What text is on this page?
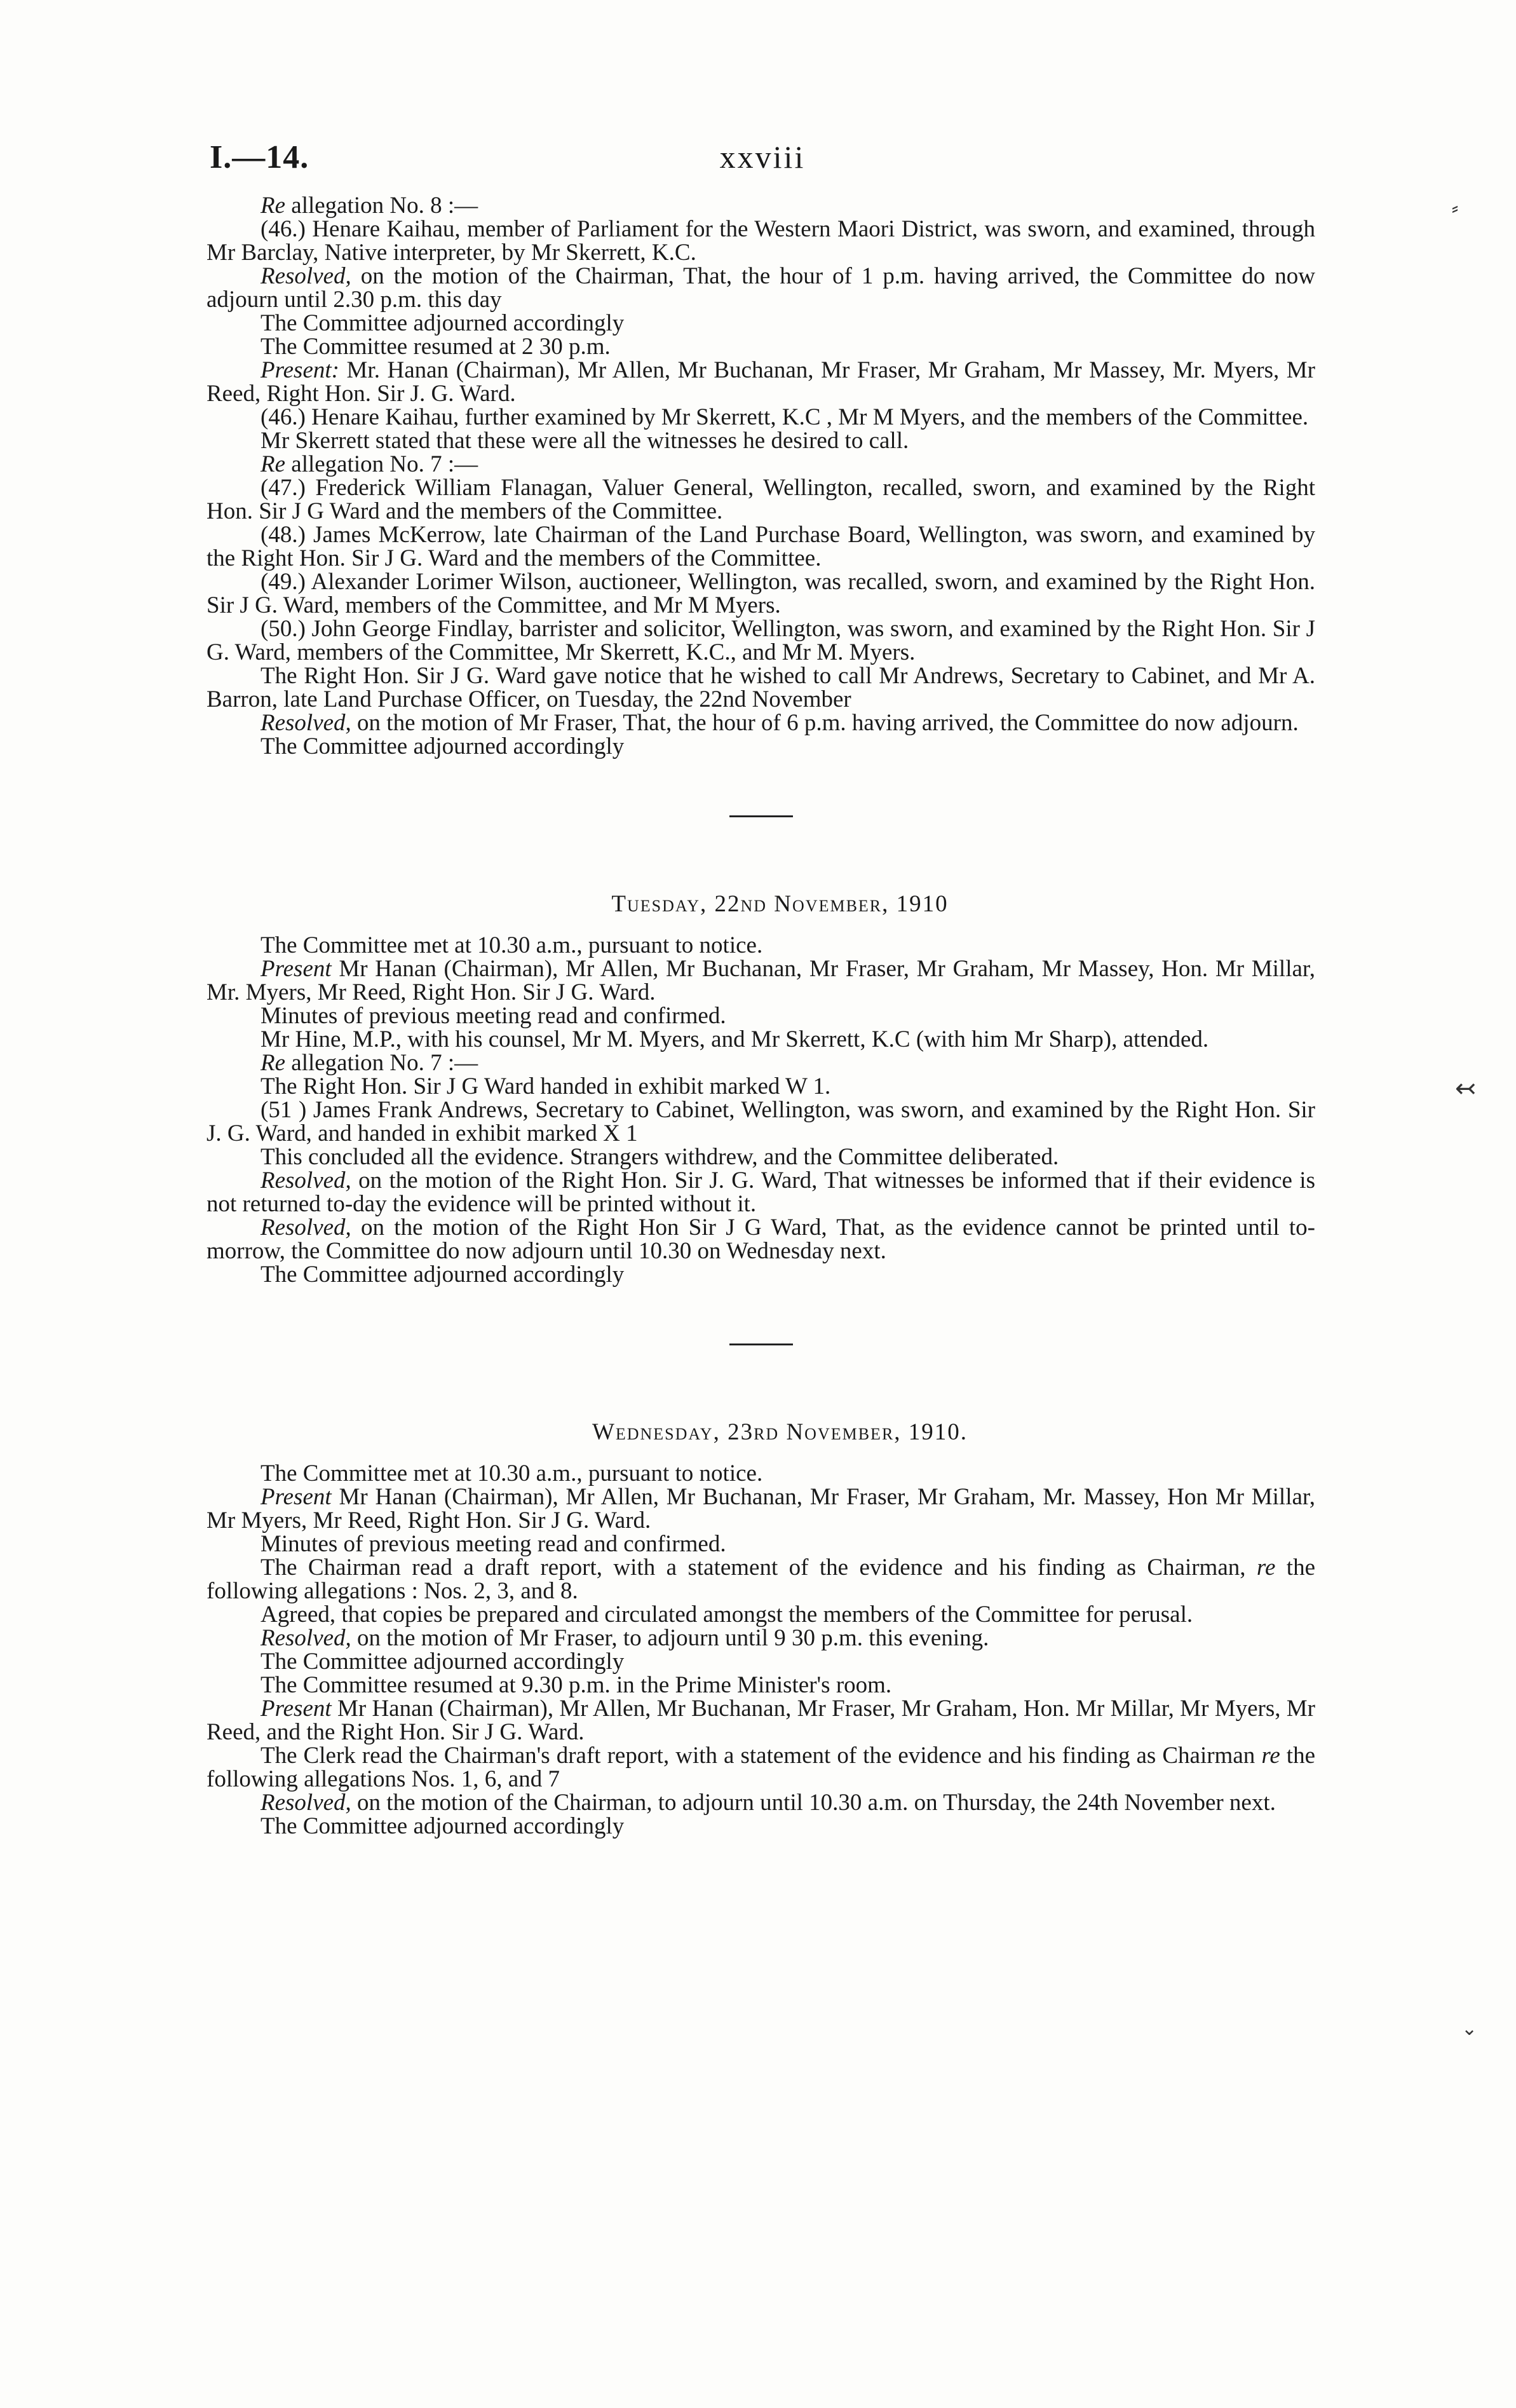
I.—14.	xxviii

Re allegation No. 8 :—

(46.) Henare Kaihau, member of Parliament for the Western Maori District, was sworn, and examined, through Mr Barclay, Native interpreter, by Mr Skerrett, K.C.

Resolved, on the motion of the Chairman, That, the hour of 1 p.m. having arrived, the Committee do now adjourn until 2.30 p.m. this day

The Committee adjourned accordingly

The Committee resumed at 2 30 p.m.

Present: Mr. Hanan (Chairman), Mr Allen, Mr Buchanan, Mr Fraser, Mr Graham, Mr Massey, Mr. Myers, Mr Reed, Right Hon. Sir J. G. Ward.

(46.) Henare Kaihau, further examined by Mr Skerrett, K.C , Mr M Myers, and the members of the Committee.

Mr Skerrett stated that these were all the witnesses he desired to call.

Re allegation No. 7 :—

(47.) Frederick William Flanagan, Valuer General, Wellington, recalled, sworn, and examined by the Right Hon. Sir J G Ward and the members of the Committee.

(48.) James McKerrow, late Chairman of the Land Purchase Board, Wellington, was sworn, and examined by the Right Hon. Sir J G. Ward and the members of the Committee.

(49.) Alexander Lorimer Wilson, auctioneer, Wellington, was recalled, sworn, and examined by the Right Hon. Sir J G. Ward, members of the Committee, and Mr M Myers.

(50.) John George Findlay, barrister and solicitor, Wellington, was sworn, and examined by the Right Hon. Sir J G. Ward, members of the Committee, Mr Skerrett, K.C., and Mr M. Myers.

The Right Hon. Sir J G. Ward gave notice that he wished to call Mr Andrews, Secretary to Cabinet, and Mr A. Barron, late Land Purchase Officer, on Tuesday, the 22nd November

Resolved, on the motion of Mr Fraser, That, the hour of 6 p.m. having arrived, the Committee do now adjourn.

The Committee adjourned accordingly

Tuesday, 22nd November, 1910

The Committee met at 10.30 a.m., pursuant to notice.

Present Mr Hanan (Chairman), Mr Allen, Mr Buchanan, Mr Fraser, Mr Graham, Mr Massey, Hon. Mr Millar, Mr. Myers, Mr Reed, Right Hon. Sir J G. Ward.

Minutes of previous meeting read and confirmed.

Mr Hine, M.P., with his counsel, Mr M. Myers, and Mr Skerrett, K.C (with him Mr Sharp), attended.

Re allegation No. 7 :—

The Right Hon. Sir J G Ward handed in exhibit marked W 1.

(51 ) James Frank Andrews, Secretary to Cabinet, Wellington, was sworn, and examined by the Right Hon. Sir J. G. Ward, and handed in exhibit marked X 1

This concluded all the evidence. Strangers withdrew, and the Committee deliberated.

Resolved, on the motion of the Right Hon. Sir J. G. Ward, That witnesses be informed that if their evidence is not returned to-day the evidence will be printed without it.

Resolved, on the motion of the Right Hon Sir J G Ward, That, as the evidence cannot be printed until to-morrow, the Committee do now adjourn until 10.30 on Wednesday next.

The Committee adjourned accordingly

Wednesday, 23rd November, 1910.

The Committee met at 10.30 a.m., pursuant to notice.

Present Mr Hanan (Chairman), Mr Allen, Mr Buchanan, Mr Fraser, Mr Graham, Mr. Massey, Hon Mr Millar, Mr Myers, Mr Reed, Right Hon. Sir J G. Ward.

Minutes of previous meeting read and confirmed.

The Chairman read a draft report, with a statement of the evidence and his finding as Chairman, re the following allegations : Nos. 2, 3, and 8.

Agreed, that copies be prepared and circulated amongst the members of the Committee for perusal.

Resolved, on the motion of Mr Fraser, to adjourn until 9 30 p.m. this evening.

The Committee adjourned accordingly

The Committee resumed at 9.30 p.m. in the Prime Minister's room.

Present Mr Hanan (Chairman), Mr Allen, Mr Buchanan, Mr Fraser, Mr Graham, Hon. Mr Millar, Mr Myers, Mr Reed, and the Right Hon. Sir J G. Ward.

The Clerk read the Chairman's draft report, with a statement of the evidence and his finding as Chairman re the following allegations Nos. 1, 6, and 7

Resolved, on the motion of the Chairman, to adjourn until 10.30 a.m. on Thursday, the 24th November next.

The Committee adjourned accordingly

⸗
↢
⌄
